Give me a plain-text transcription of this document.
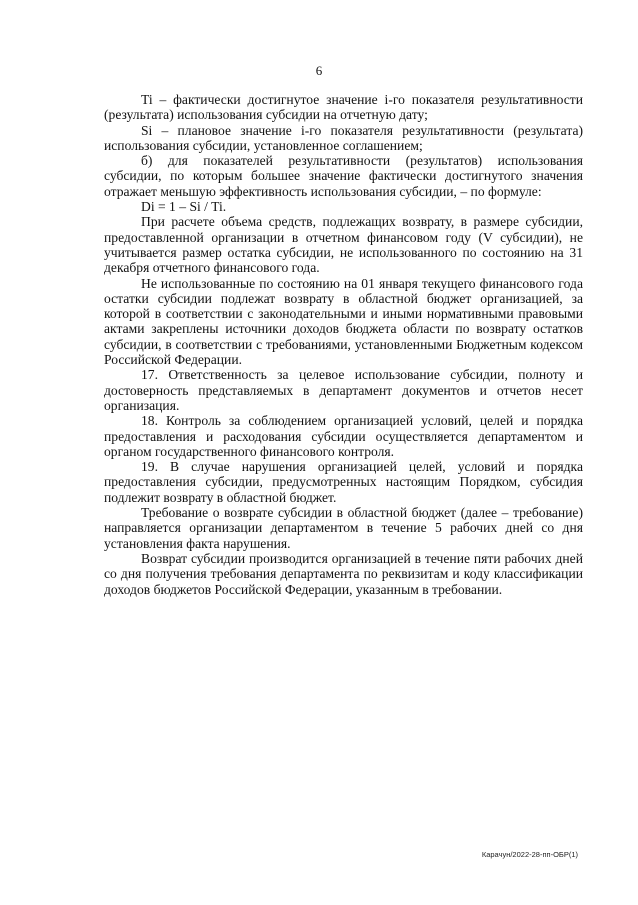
6

Ti – фактически достигнутое значение i-го показателя результативности (результата) использования субсидии на отчетную дату;

Si – плановое значение i-го показателя результативности (результата) использования субсидии, установленное соглашением;

б) для показателей результативности (результатов) использования субсидии, по которым большее значение фактически достигнутого значения отражает меньшую эффективность использования субсидии, – по формуле:

Di = 1 – Si / Ti.

При расчете объема средств, подлежащих возврату, в размере субсидии, предоставленной организации в отчетном финансовом году (V субсидии), не учитывается размер остатка субсидии, не использованного по состоянию на 31 декабря отчетного финансового года.

Не использованные по состоянию на 01 января текущего финансового года остатки субсидии подлежат возврату в областной бюджет организацией, за которой в соответствии с законодательными и иными нормативными правовыми актами закреплены источники доходов бюджета области по возврату остатков субсидии, в соответствии с требованиями, установленными Бюджетным кодексом Российской Федерации.

17. Ответственность за целевое использование субсидии, полноту и достоверность представляемых в департамент документов и отчетов несет организация.

18. Контроль за соблюдением организацией условий, целей и порядка предоставления и расходования субсидии осуществляется департаментом и органом государственного финансового контроля.

19. В случае нарушения организацией целей, условий и порядка предоставления субсидии, предусмотренных настоящим Порядком, субсидия подлежит возврату в областной бюджет.

Требование о возврате субсидии в областной бюджет (далее – требование) направляется организации департаментом в течение 5 рабочих дней со дня установления факта нарушения.

Возврат субсидии производится организацией в течение пяти рабочих дней со дня получения требования департамента по реквизитам и коду классификации доходов бюджетов Российской Федерации, указанным в требовании.

Карачун/2022-28-пп-ОБР(1)
